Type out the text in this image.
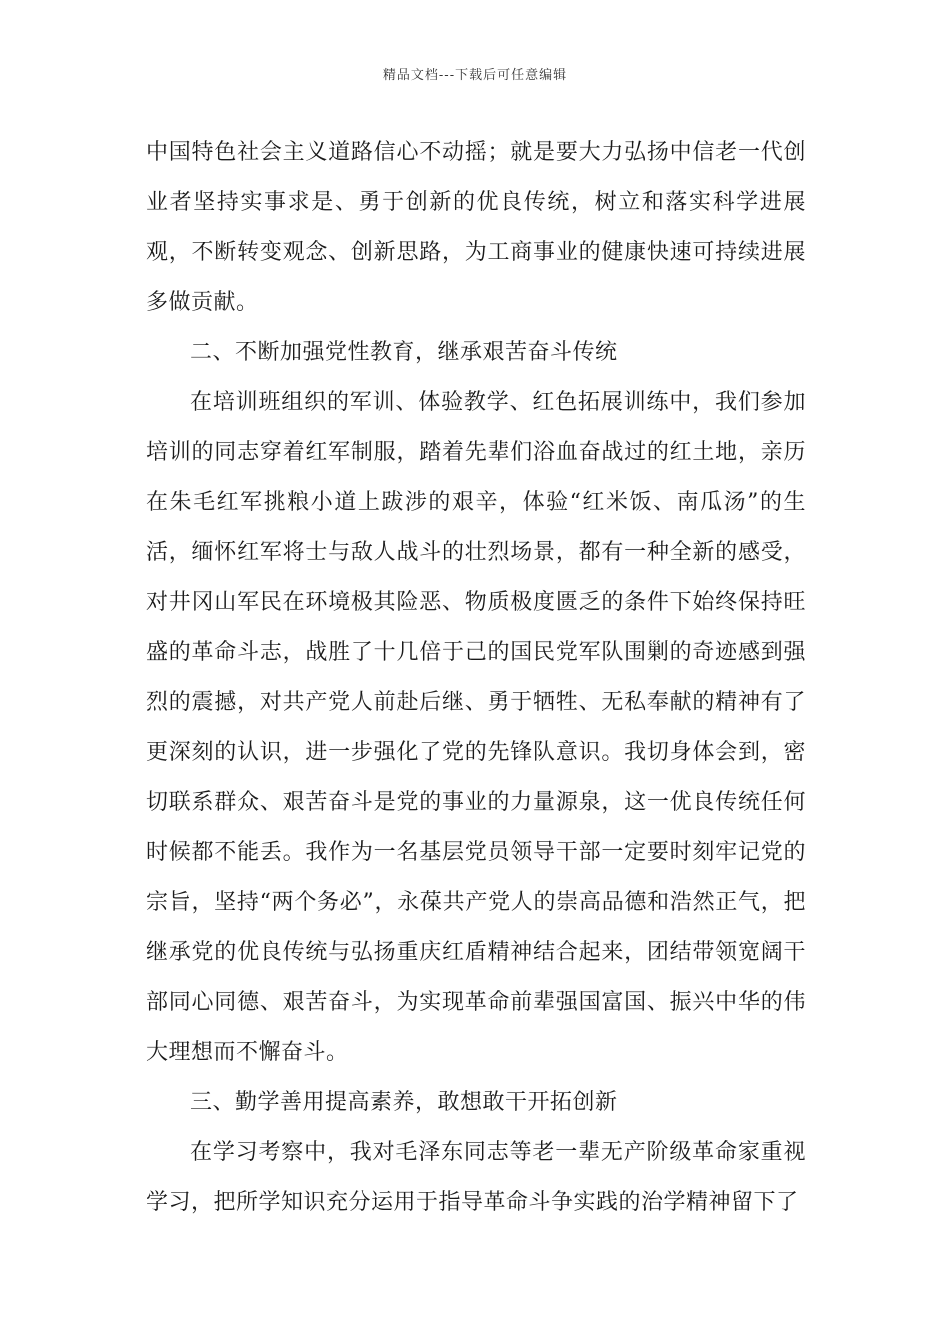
精品文档---下载后可任意编辑

中国特色社会主义道路信心不动摇；就是要大力弘扬中信老一代创业者坚持实事求是、勇于创新的优良传统，树立和落实科学进展观，不断转变观念、创新思路，为工商事业的健康快速可持续进展多做贡献。

二、不断加强党性教育，继承艰苦奋斗传统

在培训班组织的军训、体验教学、红色拓展训练中，我们参加培训的同志穿着红军制服，踏着先辈们浴血奋战过的红土地，亲历在朱毛红军挑粮小道上跋涉的艰辛，体验“红米饭、南瓜汤”的生活，缅怀红军将士与敌人战斗的壮烈场景，都有一种全新的感受，对井冈山军民在环境极其险恶、物质极度匮乏的条件下始终保持旺盛的革命斗志，战胜了十几倍于己的国民党军队围剿的奇迹感到强烈的震撼，对共产党人前赴后继、勇于牺牲、无私奉献的精神有了更深刻的认识，进一步强化了党的先锋队意识。我切身体会到，密切联系群众、艰苦奋斗是党的事业的力量源泉，这一优良传统任何时候都不能丢。我作为一名基层党员领导干部一定要时刻牢记党的宗旨，坚持“两个务必”，永葆共产党人的崇高品德和浩然正气，把继承党的优良传统与弘扬重庆红盾精神结合起来，团结带领宽阔干部同心同德、艰苦奋斗，为实现革命前辈强国富国、振兴中华的伟大理想而不懈奋斗。

三、勤学善用提高素养，敢想敢干开拓创新

在学习考察中，我对毛泽东同志等老一辈无产阶级革命家重视学习，把所学知识充分运用于指导革命斗争实践的治学精神留下了
